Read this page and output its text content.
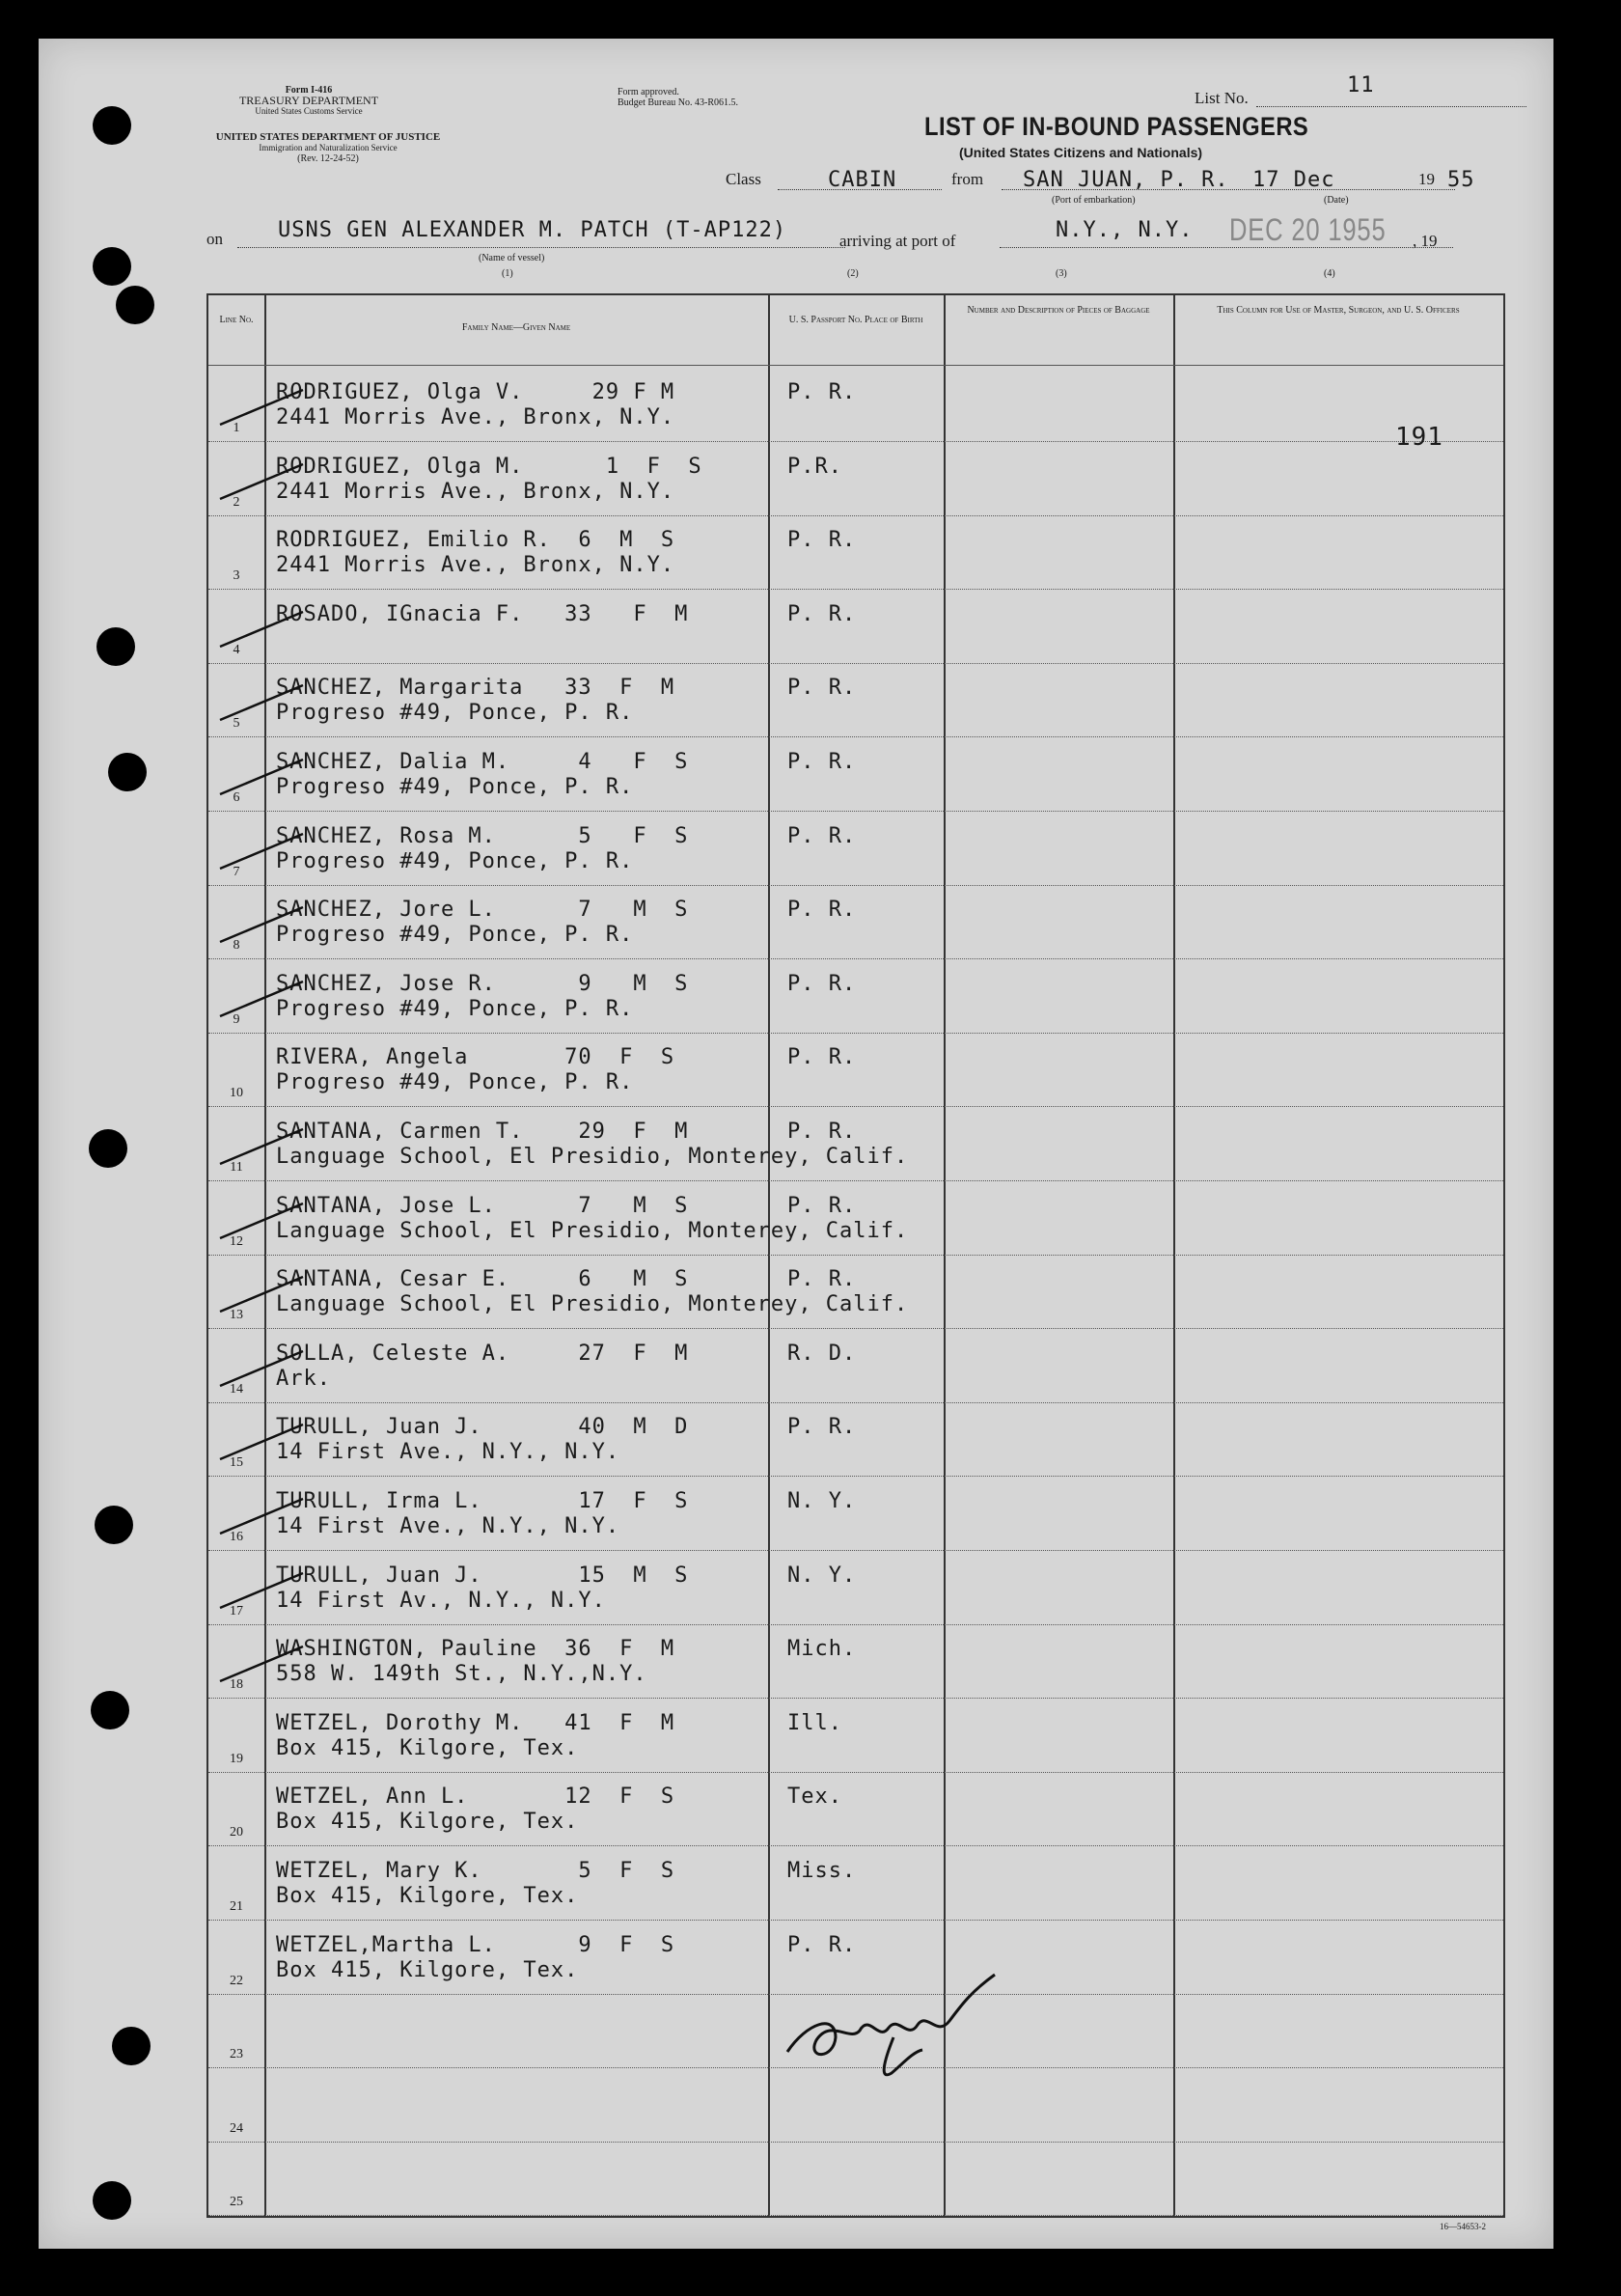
Form I-416
TREASURY DEPARTMENT
United States Customs Service
UNITED STATES DEPARTMENT OF JUSTICE
Immigration and Naturalization Service
(Rev. 12-24-52)
Form approved.
Budget Bureau No. 43-R061.5.	List No.
11
LIST OF IN-BOUND PASSENGERS
(United States Citizens and Nationals)
Class	CABIN	from SAN JUAN, P. R. 17 Dec	19 55
(Port of embarkation)	(Date)
on	USNS GEN ALEXANDER M. PATCH (T-AP122)
(Name of vessel)
arriving at port of	N.Y., N.Y. DEC 20 1955 , 19
(1)	(2)	(3)	(4)
Line No.
Family Name—Given Name
U. S. Passport No. Place of Birth
Number and Description of Pieces of Baggage	This Column for Use of Master, Surgeon, and U. S. Officers
1
RODRIGUEZ, Olga V.     29 F M
2441 Morris Ave., Bronx, N.Y.
P. R.
2
RODRIGUEZ, Olga M.      1  F  S
2441 Morris Ave., Bronx, N.Y.
P.R.
3
RODRIGUEZ, Emilio R.  6  M  S
2441 Morris Ave., Bronx, N.Y.
P. R.
4
ROSADO, IGnacia F.   33   F  M	P. R.
5
SANCHEZ, Margarita   33  F  M
Progreso #49, Ponce, P. R.
P. R.
6
SANCHEZ, Dalia M.     4   F  S
Progreso #49, Ponce, P. R.
P. R.
7
SANCHEZ, Rosa M.      5   F  S
Progreso #49, Ponce, P. R.
P. R.
8
SANCHEZ, Jore L.      7   M  S
Progreso #49, Ponce, P. R.
P. R.
9
SANCHEZ, Jose R.      9   M  S
Progreso #49, Ponce, P. R.
P. R.
10
RIVERA, Angela       70  F  S
Progreso #49, Ponce, P. R.
P. R.
11
SANTANA, Carmen T.    29  F  M
Language School, El Presidio, Monterey, Calif.
P. R.
12
SANTANA, Jose L.      7   M  S
Language School, El Presidio, Monterey, Calif.
P. R.
13
SANTANA, Cesar E.     6   M  S
Language School, El Presidio, Monterey, Calif.
P. R.
14
SOLLA, Celeste A.     27  F  M
Ark.
R. D.
15
TURULL, Juan J.       40  M  D
14 First Ave., N.Y., N.Y.
P. R.
16
TURULL, Irma L.       17  F  S
14 First Ave., N.Y., N.Y.
N. Y.
17
TURULL, Juan J.       15  M  S
14 First Av., N.Y., N.Y.
N. Y.
18
WASHINGTON, Pauline  36  F  M
558 W. 149th St., N.Y.,N.Y.
Mich.
19
WETZEL, Dorothy M.   41  F  M
Box 415, Kilgore, Tex.
Ill.
20
WETZEL, Ann L.       12  F  S
Box 415, Kilgore, Tex.
Tex.
21
WETZEL, Mary K.       5  F  S
Box 415, Kilgore, Tex.
Miss.
22
WETZEL,Martha L.      9  F  S
Box 415, Kilgore, Tex.
P. R.
23
24
25
191
16—54653-2
